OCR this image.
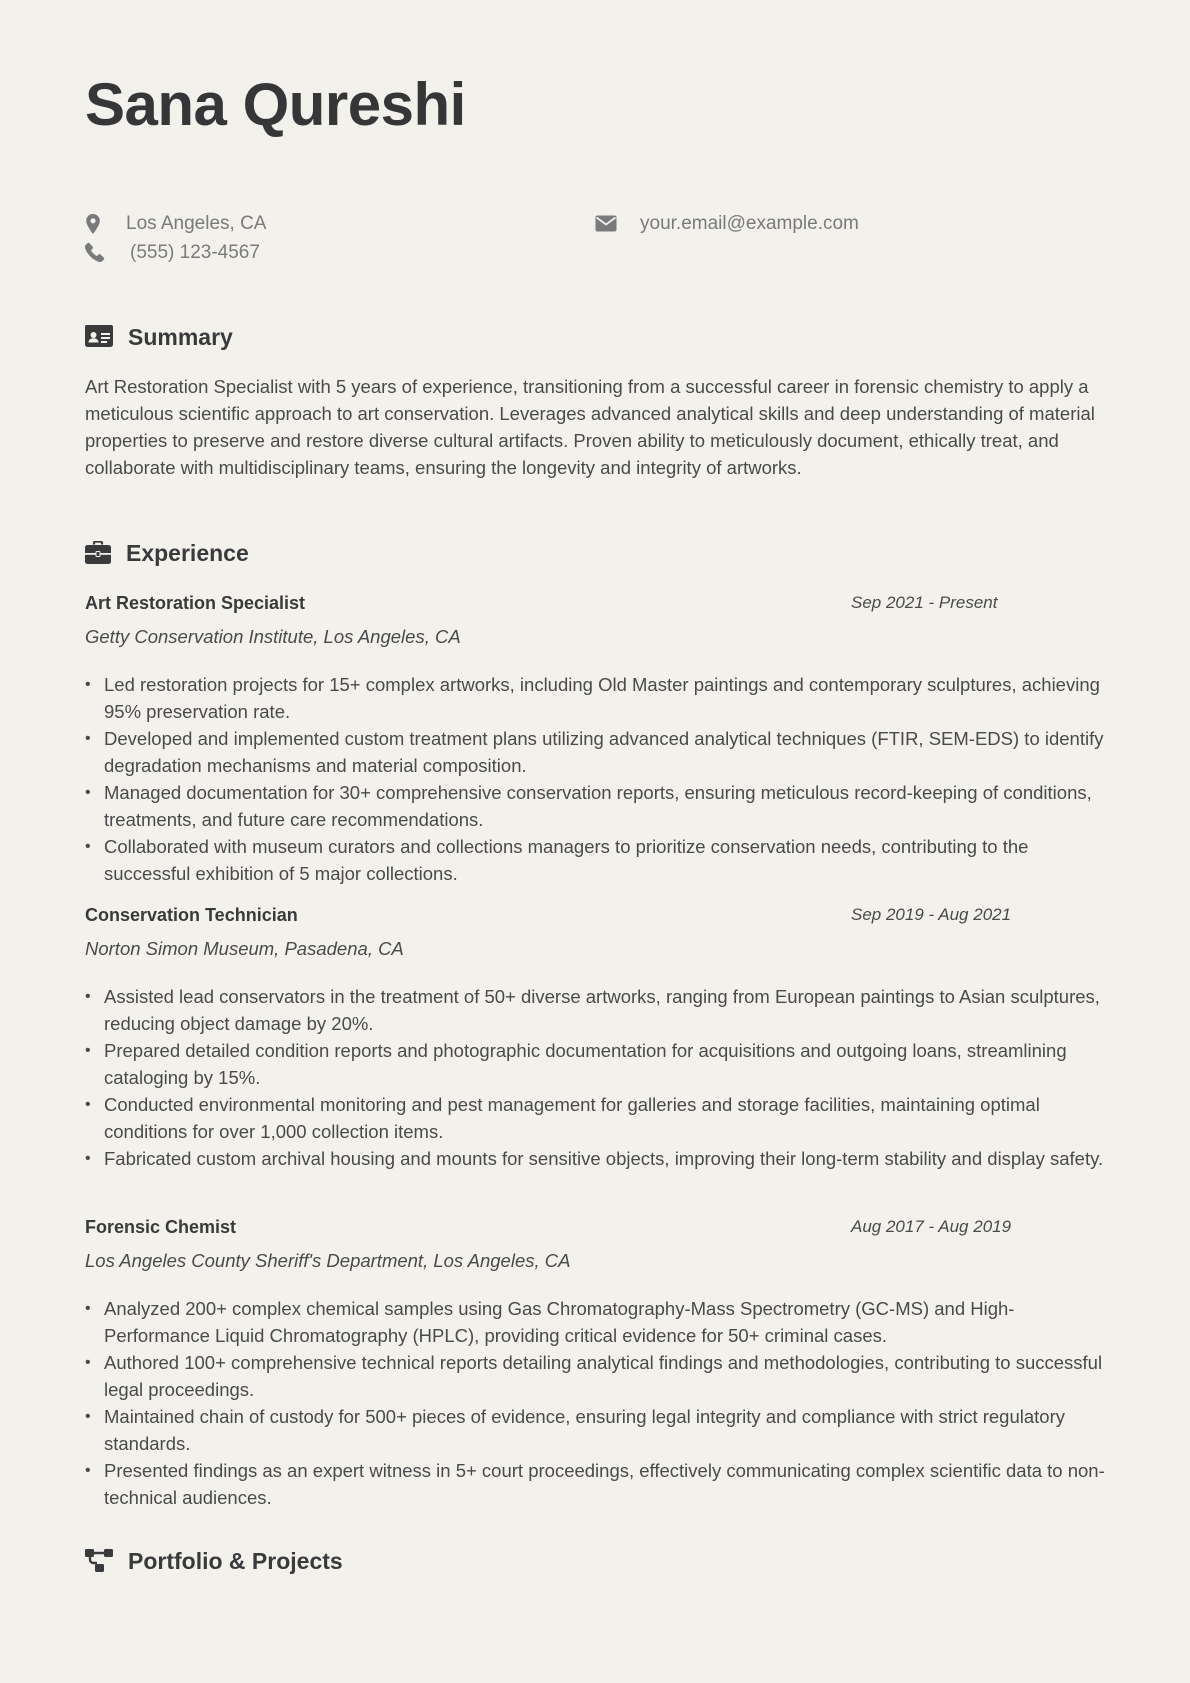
Sana Qureshi
Los Angeles, CA
(555) 123-4567
your.email@example.com
Summary

Art Restoration Specialist with 5 years of experience, transitioning from a successful career in forensic chemistry to apply a meticulous scientific approach to art conservation. Leverages advanced analytical skills and deep understanding of material properties to preserve and restore diverse cultural artifacts. Proven ability to meticulously document, ethically treat, and collaborate with multidisciplinary teams, ensuring the longevity and integrity of artworks.

Experience
Art Restoration Specialist	Sep 2021 - Present
Getty Conservation Institute, Los Angeles, CA
• Led restoration projects for 15+ complex artworks, including Old Master paintings and contemporary sculptures, achieving 95% preservation rate.
• Developed and implemented custom treatment plans utilizing advanced analytical techniques (FTIR, SEM-EDS) to identify degradation mechanisms and material composition.
• Managed documentation for 30+ comprehensive conservation reports, ensuring meticulous record-keeping of conditions, treatments, and future care recommendations.
• Collaborated with museum curators and collections managers to prioritize conservation needs, contributing to the successful exhibition of 5 major collections.
Conservation Technician	Sep 2019 - Aug 2021
Norton Simon Museum, Pasadena, CA
• Assisted lead conservators in the treatment of 50+ diverse artworks, ranging from European paintings to Asian sculptures, reducing object damage by 20%.
• Prepared detailed condition reports and photographic documentation for acquisitions and outgoing loans, streamlining cataloging by 15%.
• Conducted environmental monitoring and pest management for galleries and storage facilities, maintaining optimal conditions for over 1,000 collection items.
• Fabricated custom archival housing and mounts for sensitive objects, improving their long-term stability and display safety.
Forensic Chemist	Aug 2017 - Aug 2019
Los Angeles County Sheriff's Department, Los Angeles, CA
• Analyzed 200+ complex chemical samples using Gas Chromatography-Mass Spectrometry (GC-MS) and High-Performance Liquid Chromatography (HPLC), providing critical evidence for 50+ criminal cases.
• Authored 100+ comprehensive technical reports detailing analytical findings and methodologies, contributing to successful legal proceedings.
• Maintained chain of custody for 500+ pieces of evidence, ensuring legal integrity and compliance with strict regulatory standards.
• Presented findings as an expert witness in 5+ court proceedings, effectively communicating complex scientific data to non-technical audiences.
Portfolio & Projects
